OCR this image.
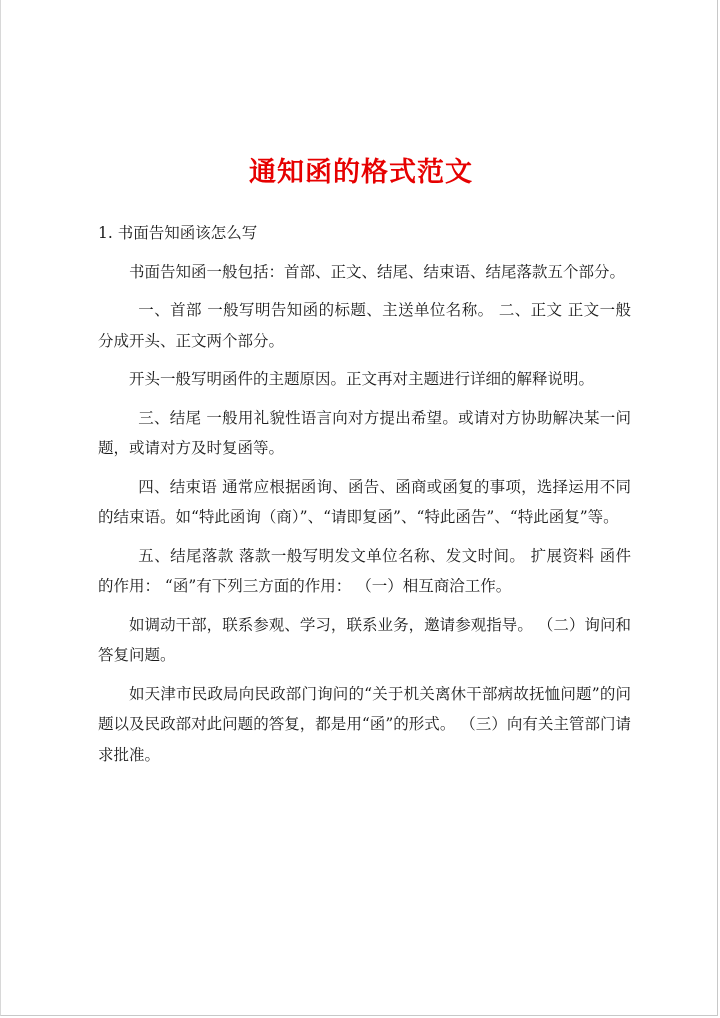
通知函的格式范文

1. 书面告知函该怎么写

书面告知函一般包括：首部、正文、结尾、结束语、结尾落款五个部分。

一、首部 一般写明告知函的标题、主送单位名称。 二、正文 正文一般分成开头、正文两个部分。

开头一般写明函件的主题原因。正文再对主题进行详细的解释说明。

三、结尾 一般用礼貌性语言向对方提出希望。或请对方协助解决某一问题，或请对方及时复函等。

四、结束语 通常应根据函询、函告、函商或函复的事项，选择运用不同的结束语。如“特此函询（商）”、“请即复函”、“特此函告”、“特此函复”等。

五、结尾落款 落款一般写明发文单位名称、发文时间。 扩展资料 函件的作用： “函”有下列三方面的作用： （一）相互商洽工作。

如调动干部，联系参观、学习，联系业务，邀请参观指导。 （二）询问和答复问题。

如天津市民政局向民政部门询问的“关于机关离休干部病故抚恤问题”的问题以及民政部对此问题的答复，都是用“函”的形式。 （三）向有关主管部门请求批准。
